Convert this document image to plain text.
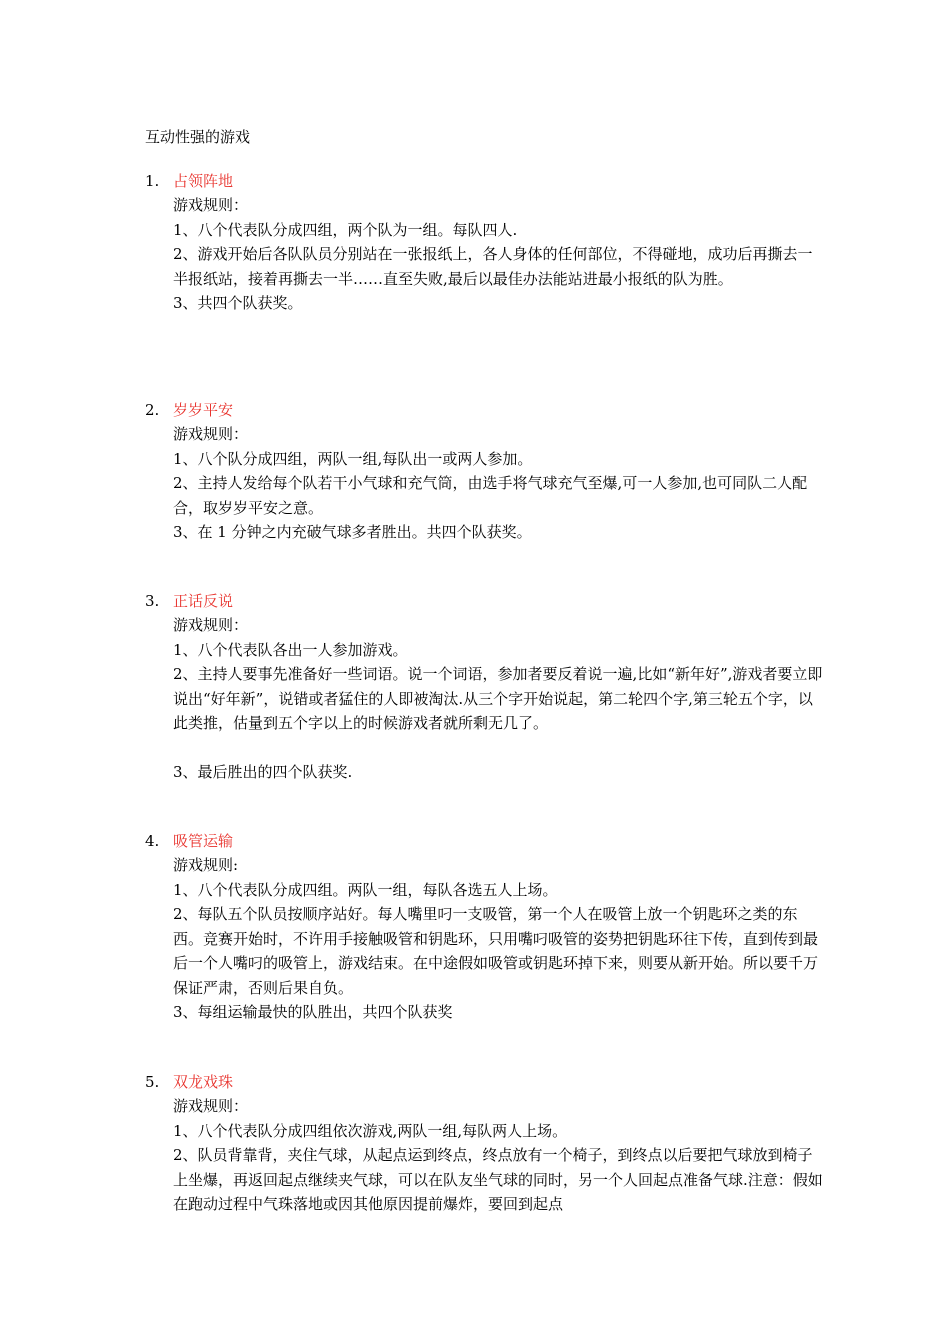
互动性强的游戏
1. 占领阵地

游戏规则：

1、八个代表队分成四组，两个队为一组。每队四人.

2、游戏开始后各队队员分别站在一张报纸上，各人身体的任何部位，不得碰地，成功后再撕去一半报纸站，接着再撕去一半……直至失败,最后以最佳办法能站进最小报纸的队为胜。

3、共四个队获奖。

2. 岁岁平安

游戏规则：

1、八个队分成四组，两队一组,每队出一或两人参加。

2、主持人发给每个队若干小气球和充气筒，由选手将气球充气至爆,可一人参加,也可同队二人配合，取岁岁平安之意。

3、在 1 分钟之内充破气球多者胜出。共四个队获奖。

3. 正话反说

游戏规则：

1、八个代表队各出一人参加游戏。

2、主持人要事先准备好一些词语。说一个词语，参加者要反着说一遍,比如“新年好”,游戏者要立即说出“好年新”，说错或者猛住的人即被淘汰.从三个字开始说起，第二轮四个字,第三轮五个字，以此类推，估量到五个字以上的时候游戏者就所剩无几了。

3、最后胜出的四个队获奖.

4. 吸管运输

游戏规则:

1、八个代表队分成四组。两队一组，每队各选五人上场。

2、每队五个队员按顺序站好。每人嘴里叼一支吸管，第一个人在吸管上放一个钥匙环之类的东西。竞赛开始时，不许用手接触吸管和钥匙环，只用嘴叼吸管的姿势把钥匙环往下传，直到传到最后一个人嘴叼的吸管上，游戏结束。在中途假如吸管或钥匙环掉下来，则要从新开始。所以要千万保证严肃，否则后果自负。

3、每组运输最快的队胜出，共四个队获奖

5. 双龙戏珠

游戏规则：

1、八个代表队分成四组依次游戏,两队一组,每队两人上场。

2、队员背靠背，夹住气球，从起点运到终点，终点放有一个椅子，到终点以后要把气球放到椅子上坐爆，再返回起点继续夹气球，可以在队友坐气球的同时，另一个人回起点准备气球.注意：假如在跑动过程中气珠落地或因其他原因提前爆炸，要回到起点
